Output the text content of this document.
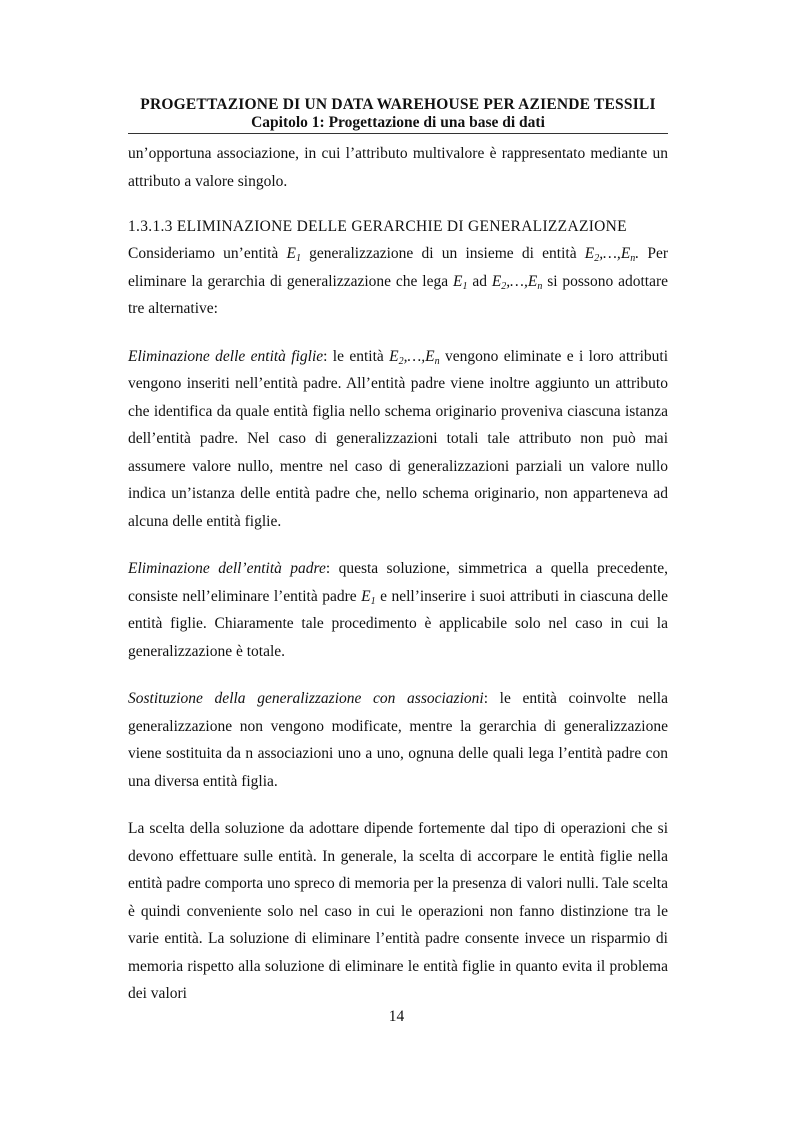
PROGETTAZIONE DI UN DATA WAREHOUSE PER AZIENDE TESSILI
Capitolo 1: Progettazione di una base di dati

un’opportuna associazione, in cui l’attributo multivalore è rappresentato mediante un attributo a valore singolo.

1.3.1.3 ELIMINAZIONE DELLE GERARCHIE DI GENERALIZZAZIONE

Consideriamo un’entità $E_1$ generalizzazione di un insieme di entità $E_2,\dots,E_n$. Per eliminare la gerarchia di generalizzazione che lega $E_1$ ad $E_2,\dots,E_n$ si possono adottare tre alternative:

Eliminazione delle entità figlie: le entità $E_2,\dots,E_n$ vengono eliminate e i loro attributi vengono inseriti nell’entità padre. All’entità padre viene inoltre aggiunto un attributo che identifica da quale entità figlia nello schema originario proveniva ciascuna istanza dell’entità padre. Nel caso di generalizzazioni totali tale attributo non può mai assumere valore nullo, mentre nel caso di generalizzazioni parziali un valore nullo indica un’istanza delle entità padre che, nello schema originario, non apparteneva ad alcuna delle entità figlie.

Eliminazione dell’entità padre: questa soluzione, simmetrica a quella precedente, consiste nell’eliminare l’entità padre $E_1$ e nell’inserire i suoi attributi in ciascuna delle entità figlie. Chiaramente tale procedimento è applicabile solo nel caso in cui la generalizzazione è totale.

Sostituzione della generalizzazione con associazioni: le entità coinvolte nella generalizzazione non vengono modificate, mentre la gerarchia di generalizzazione viene sostituita da n associazioni uno a uno, ognuna delle quali lega l’entità padre con una diversa entità figlia.

La scelta della soluzione da adottare dipende fortemente dal tipo di operazioni che si devono effettuare sulle entità. In generale, la scelta di accorpare le entità figlie nella entità padre comporta uno spreco di memoria per la presenza di valori nulli. Tale scelta è quindi conveniente solo nel caso in cui le operazioni non fanno distinzione tra le varie entità. La soluzione di eliminare l’entità padre consente invece un risparmio di memoria rispetto alla soluzione di eliminare le entità figlie in quanto evita il problema dei valori

14
